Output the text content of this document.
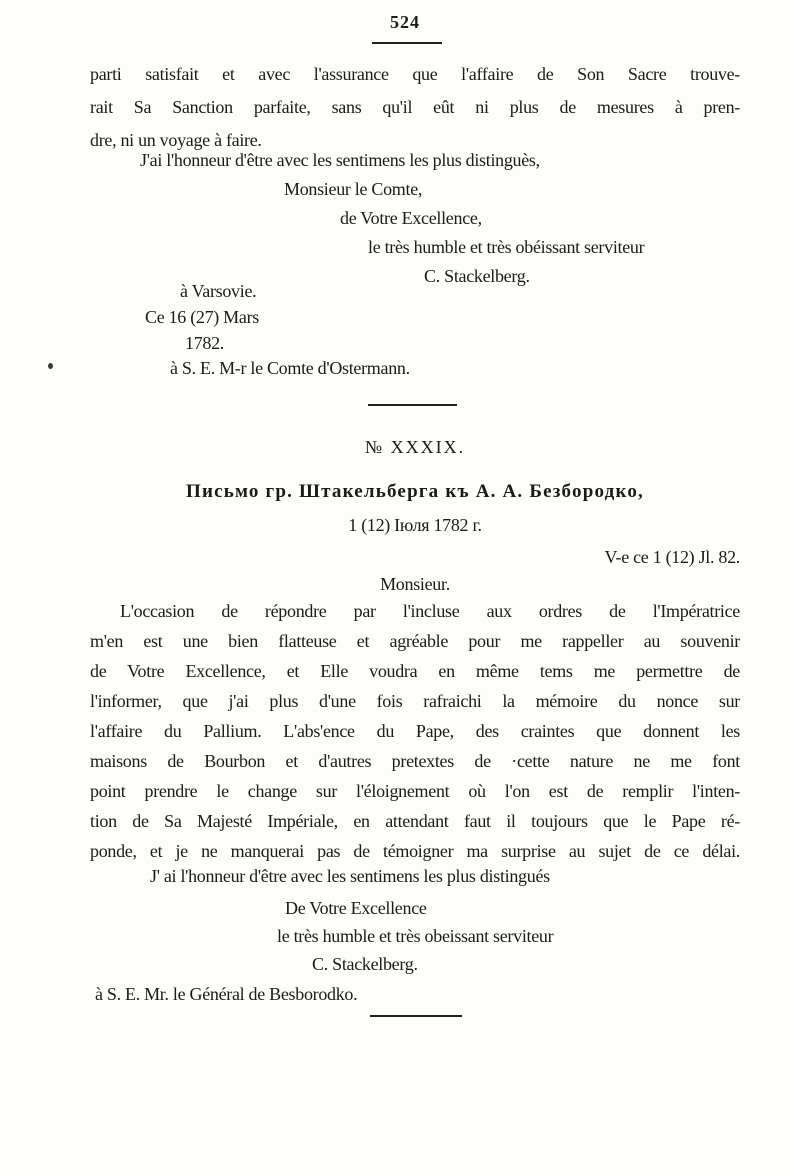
524
parti satisfait et avec l'assurance que l'affaire de Son Sacre trouve-
rait Sa Sanction parfaite, sans qu'il eût ni plus de mesures à pren-
dre, ni un voyage à faire.
J'ai l'honneur d'être avec les sentimens les plus distinguès,
Monsieur le Comte,
de Votre Excellence,
le très humble et très obéissant serviteur
C. Stackelberg.
à Varsovie.
Ce 16 (27) Mars
1782.
à S. E. M-r le Comte d'Ostermann.
№ XXXIX.
Письмо гр. Штакельберга къ А. А. Безбородко,
1 (12) Іюля 1782 г.
V-e ce 1 (12) Jl. 82.
Monsieur.
L'occasion de répondre par l'incluse aux ordres de l'Impératrice
m'en est une bien flatteuse et agréable pour me rappeller au souvenir
de Votre Excellence, et Elle voudra en même tems me permettre de
l'informer, que j'ai plus d'une fois rafraichi la mémoire du nonce sur
l'affaire du Pallium. L'abs'ence du Pape, des craintes que donnent les
maisons de Bourbon et d'autres pretextes de ·cette nature ne me font
point prendre le change sur l'éloignement où l'on est de remplir l'inten-
tion de Sa Majesté Impériale, en attendant faut il toujours que le Pape ré-
ponde, et je ne manquerai pas de témoigner ma surprise au sujet de ce délai.
J' ai l'honneur d'être avec les sentimens les plus distingués
De Votre Excellence
le très humble et très obeissant serviteur
C. Stackelberg.
à S. E. Mr. le Général de Besborodko.
